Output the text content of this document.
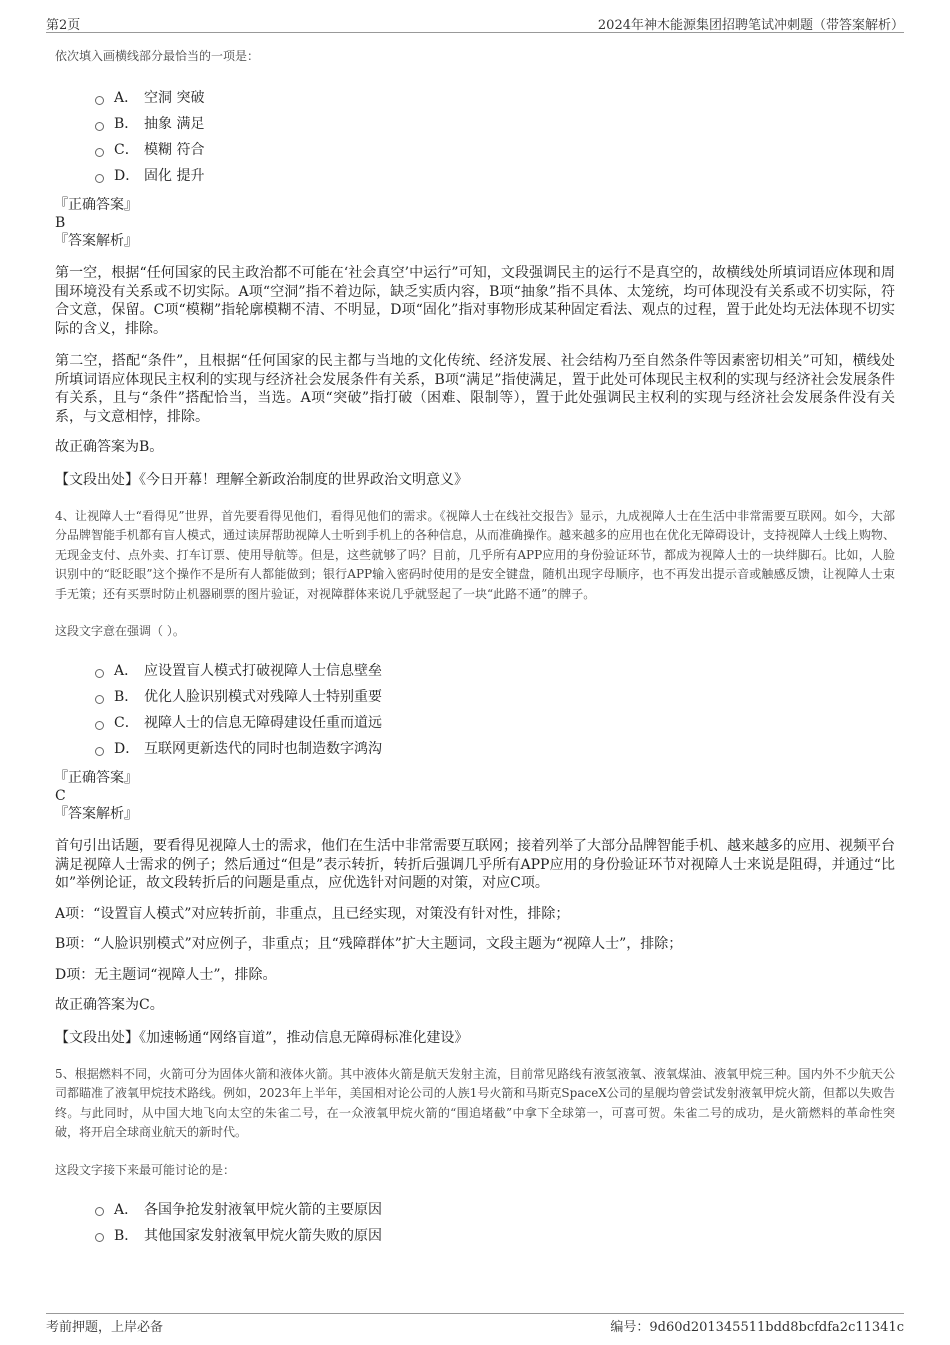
第2页	2024年神木能源集团招聘笔试冲刺题（带答案解析）
依次填入画横线部分最恰当的一项是：
A． 空洞 突破
B． 抽象 满足
C． 模糊 符合
D． 固化 提升
『正确答案』
B
『答案解析』

第一空，根据“任何国家的民主政治都不可能在‘社会真空’中运行”可知，文段强调民主的运行不是真空的，故横线处所填词语应体现和周围环境没有关系或不切实际。A项“空洞”指不着边际，缺乏实质内容，B项“抽象”指不具体、太笼统，均可体现没有关系或不切实际，符合文意，保留。C项“模糊”指轮廓模糊不清、不明显，D项“固化”指对事物形成某种固定看法、观点的过程，置于此处均无法体现不切实际的含义，排除。

第二空，搭配“条件”，且根据“任何国家的民主都与当地的文化传统、经济发展、社会结构乃至自然条件等因素密切相关”可知，横线处所填词语应体现民主权利的实现与经济社会发展条件有关系，B项“满足”指使满足，置于此处可体现民主权利的实现与经济社会发展条件有关系，且与“条件”搭配恰当，当选。A项“突破”指打破（困难、限制等），置于此处强调民主权利的实现与经济社会发展条件没有关系，与文意相悖，排除。

故正确答案为B。

【文段出处】《今日开幕！理解全新政治制度的世界政治文明意义》
4、让视障人士“看得见”世界，首先要看得见他们，看得见他们的需求。《视障人士在线社交报告》显示，九成视障人士在生活中非常需要互联网。如今，大部分品牌智能手机都有盲人模式，通过读屏帮助视障人士听到手机上的各种信息，从而准确操作。越来越多的应用也在优化无障碍设计，支持视障人士线上购物、无现金支付、点外卖、打车订票、使用导航等。但是，这些就够了吗？目前，几乎所有APP应用的身份验证环节，都成为视障人士的一块绊脚石。比如，人脸识别中的“眨眨眼”这个操作不是所有人都能做到；银行APP输入密码时使用的是安全键盘，随机出现字母顺序，也不再发出提示音或触感反馈，让视障人士束手无策；还有买票时防止机器刷票的图片验证，对视障群体来说几乎就竖起了一块“此路不通”的牌子。
这段文字意在强调（ ）。
A． 应设置盲人模式打破视障人士信息壁垒
B． 优化人脸识别模式对残障人士特别重要
C． 视障人士的信息无障碍建设任重而道远
D． 互联网更新迭代的同时也制造数字鸿沟
『正确答案』
C
『答案解析』

首句引出话题，要看得见视障人士的需求，他们在生活中非常需要互联网；接着列举了大部分品牌智能手机、越来越多的应用、视频平台满足视障人士需求的例子；然后通过“但是”表示转折，转折后强调几乎所有APP应用的身份验证环节对视障人士来说是阻碍，并通过“比如”举例论证，故文段转折后的问题是重点，应优选针对问题的对策，对应C项。

A项：“设置盲人模式”对应转折前，非重点，且已经实现，对策没有针对性，排除；

B项：“人脸识别模式”对应例子，非重点；且“残障群体”扩大主题词，文段主题为“视障人士”，排除；

D项：无主题词“视障人士”，排除。

故正确答案为C。

【文段出处】《加速畅通“网络盲道”，推动信息无障碍标准化建设》
5、根据燃料不同，火箭可分为固体火箭和液体火箭。其中液体火箭是航天发射主流，目前常见路线有液氢液氧、液氧煤油、液氧甲烷三种。国内外不少航天公司都瞄准了液氧甲烷技术路线。例如，2023年上半年，美国相对论公司的人族1号火箭和马斯克SpaceX公司的星舰均曾尝试发射液氧甲烷火箭，但都以失败告终。与此同时，从中国大地飞向太空的朱雀二号，在一众液氧甲烷火箭的“围追堵截”中拿下全球第一，可喜可贺。朱雀二号的成功，是火箭燃料的革命性突破，将开启全球商业航天的新时代。
这段文字接下来最可能讨论的是：
A． 各国争抢发射液氧甲烷火箭的主要原因
B． 其他国家发射液氧甲烷火箭失败的原因
考前押题，上岸必备	编号：9d60d201345511bdd8bcfdfa2c11341c
